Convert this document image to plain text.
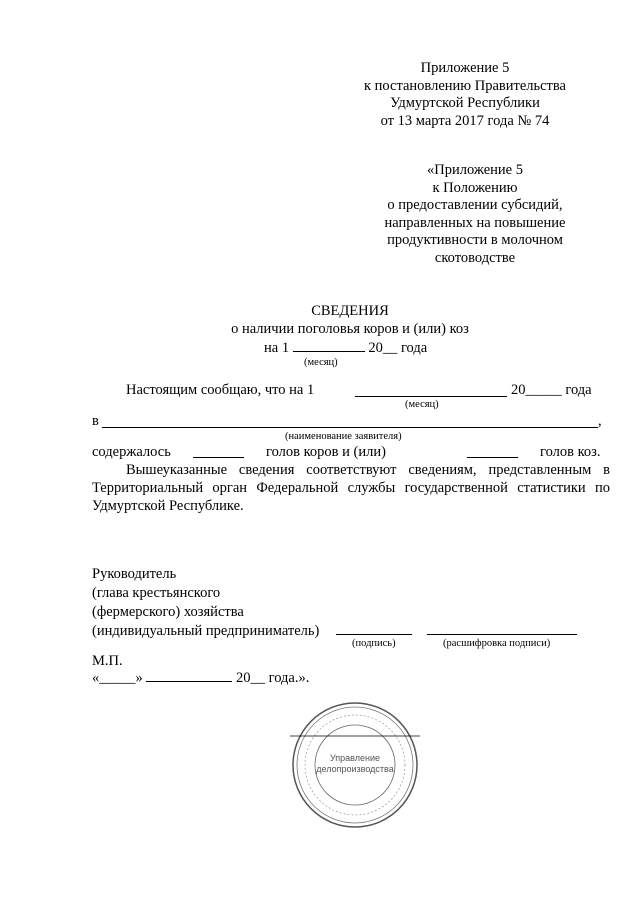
Приложение 5
к постановлению Правительства
Удмуртской Республики
от 13 марта 2017 года № 74
«Приложение 5
к Положению
о предоставлении субсидий,
направленных на повышение
продуктивности в молочном
скотоводстве
СВЕДЕНИЯ
о наличии поголовья коров и (или) коз
на 1	20__ года
(месяц)
Настоящим сообщаю, что на 1	20_____ года
(месяц)
в	,
(наименование заявителя)
содержалось	голов коров и (или)	голов коз.
Вышеуказанные сведения соответствуют сведениям, представленным в Территориальный орган Федеральной службы государственной статистики по Удмуртской Республике.
Руководитель
(глава крестьянского
(фермерского) хозяйства
(индивидуальный предприниматель)
(подпись)	(расшифровка подписи)
М.П.
«_____»	20__ года.».
Управление
делопроизводства
